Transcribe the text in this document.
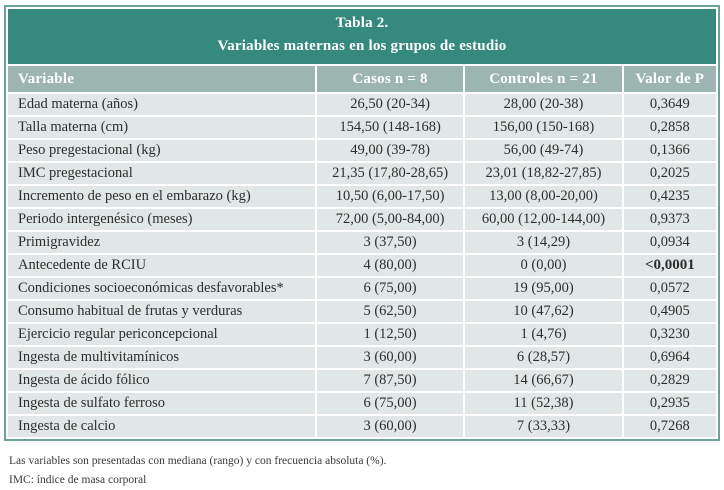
Tabla 2.
Variables maternas en los grupos de estudio			

Variable	Casos n = 8	Controles n = 21	Valor de P
Edad materna (años)	26,50 (20-34)	28,00 (20-38)	0,3649
Talla materna (cm)	154,50 (148-168)	156,00 (150-168)	0,2858
Peso pregestacional (kg)	49,00 (39-78)	56,00 (49-74)	0,1366
IMC pregestacional	21,35 (17,80-28,65)	23,01 (18,82-27,85)	0,2025
Incremento de peso en el embarazo (kg)	10,50 (6,00-17,50)	13,00 (8,00-20,00)	0,4235
Periodo intergenésico (meses)	72,00 (5,00-84,00)	60,00 (12,00-144,00)	0,9373
Primigravidez	3 (37,50)	3 (14,29)	0,0934
Antecedente de RCIU	4 (80,00)	0 (0,00)	<0,0001
Condiciones socioeconómicas desfavorables*	6 (75,00)	19 (95,00)	0,0572
Consumo habitual de frutas y verduras	5 (62,50)	10 (47,62)	0,4905
Ejercicio regular periconcepcional	1 (12,50)	1 (4,76)	0,3230
Ingesta de multivitamínicos	3 (60,00)	6 (28,57)	0,6964
Ingesta de ácido fólico	7 (87,50)	14 (66,67)	0,2829
Ingesta de sulfato ferroso	6 (75,00)	11 (52,38)	0,2935
Ingesta de calcio	3 (60,00)	7 (33,33)	0,7268
Las variables son presentadas con mediana (rango) y con frecuencia absoluta (%).
IMC: índice de masa corporal
